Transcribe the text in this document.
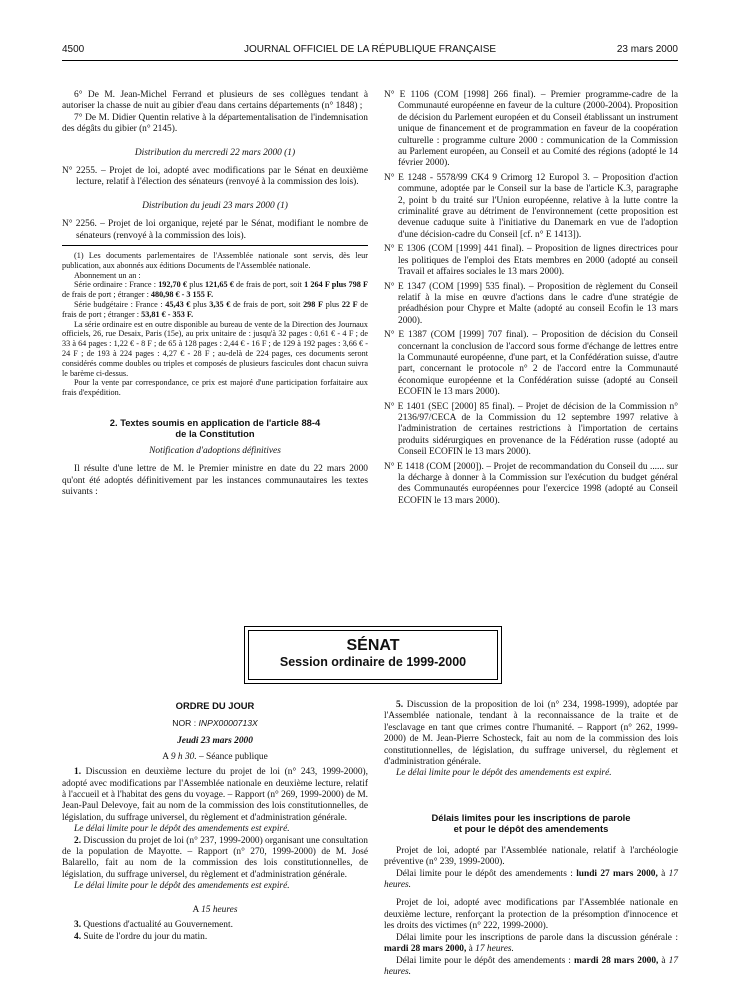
4500	JOURNAL OFFICIEL DE LA RÉPUBLIQUE FRANÇAISE	23 mars 2000

6° De M. Jean-Michel Ferrand et plusieurs de ses collègues tendant à autoriser la chasse de nuit au gibier d'eau dans certains départements (n° 1848) ;

7° De M. Didier Quentin relative à la départementalisation de l'indemnisation des dégâts du gibier (n° 2145).

Distribution du mercredi 22 mars 2000 (1)

N° 2255. – Projet de loi, adopté avec modifications par le Sénat en deuxième lecture, relatif à l'élection des sénateurs (renvoyé à la commission des lois).

Distribution du jeudi 23 mars 2000 (1)

N° 2256. – Projet de loi organique, rejeté par le Sénat, modifiant le nombre de sénateurs (renvoyé à la commission des lois).

(1) Les documents parlementaires de l'Assemblée nationale sont servis, dès leur publication, aux abonnés aux éditions Documents de l'Assemblée nationale.

Abonnement un an :

Série ordinaire : France : 192,70 € plus 121,65 € de frais de port, soit 1 264 F plus 798 F de frais de port ; étranger : 480,98 € - 3 155 F.

Série budgétaire : France : 45,43 € plus 3,35 € de frais de port, soit 298 F plus 22 F de frais de port ; étranger : 53,81 € - 353 F.

La série ordinaire est en outre disponible au bureau de vente de la Direction des Journaux officiels, 26, rue Desaix, Paris (15e), au prix unitaire de : jusqu'à 32 pages : 0,61 € - 4 F ; de 33 à 64 pages : 1,22 € - 8 F ; de 65 à 128 pages : 2,44 € - 16 F ; de 129 à 192 pages : 3,66 € - 24 F ; de 193 à 224 pages : 4,27 € - 28 F ; au-delà de 224 pages, ces documents seront considérés comme doubles ou triples et composés de plusieurs fascicules dont chacun suivra le barème ci-dessus.

Pour la vente par correspondance, ce prix est majoré d'une participation forfaitaire aux frais d'expédition.

2. Textes soumis en application de l'article 88-4
de la Constitution

Notification d'adoptions définitives

Il résulte d'une lettre de M. le Premier ministre en date du 22 mars 2000 qu'ont été adoptés définitivement par les instances communautaires les textes suivants :

N° E 1106 (COM [1998] 266 final). – Premier programme-cadre de la Communauté européenne en faveur de la culture (2000-2004). Proposition de décision du Parlement européen et du Conseil établissant un instrument unique de financement et de programmation en faveur de la coopération culturelle : programme culture 2000 : communication de la Commission au Parlement européen, au Conseil et au Comité des régions (adopté le 14 février 2000).

N° E 1248 - 5578/99 CK4 9 Crimorg 12 Europol 3. – Proposition d'action commune, adoptée par le Conseil sur la base de l'article K.3, paragraphe 2, point b du traité sur l'Union européenne, relative à la lutte contre la criminalité grave au détriment de l'environnement (cette proposition est devenue caduque suite à l'initiative du Danemark en vue de l'adoption d'une décision-cadre du Conseil [cf. n° E 1413]).

N° E 1306 (COM [1999] 441 final). – Proposition de lignes directrices pour les politiques de l'emploi des Etats membres en 2000 (adopté au conseil Travail et affaires sociales le 13 mars 2000).

N° E 1347 (COM [1999] 535 final). – Proposition de règlement du Conseil relatif à la mise en œuvre d'actions dans le cadre d'une stratégie de préadhésion pour Chypre et Malte (adopté au conseil Ecofin le 13 mars 2000).

N° E 1387 (COM [1999] 707 final). – Proposition de décision du Conseil concernant la conclusion de l'accord sous forme d'échange de lettres entre la Communauté européenne, d'une part, et la Confédération suisse, d'autre part, concernant le protocole n° 2 de l'accord entre la Communauté économique européenne et la Confédération suisse (adopté au Conseil ECOFIN le 13 mars 2000).

N° E 1401 (SEC [2000] 85 final). – Projet de décision de la Commission n° 2136/97/CECA de la Commission du 12 septembre 1997 relative à l'administration de certaines restrictions à l'importation de certains produits sidérurgiques en provenance de la Fédération russe (adopté au Conseil ECOFIN le 13 mars 2000).

N° E 1418 (COM [2000]). – Projet de recommandation du Conseil du ...... sur la décharge à donner à la Commission sur l'exécution du budget général des Communautés européennes pour l'exercice 1998 (adopté au Conseil ECOFIN le 13 mars 2000).

SÉNAT
Session ordinaire de 1999-2000

ORDRE DU JOUR

NOR : INPX0000713X

Jeudi 23 mars 2000

A 9 h 30. – Séance publique

1. Discussion en deuxième lecture du projet de loi (n° 243, 1999-2000), adopté avec modifications par l'Assemblée nationale en deuxième lecture, relatif à l'accueil et à l'habitat des gens du voyage. – Rapport (n° 269, 1999-2000) de M. Jean-Paul Delevoye, fait au nom de la commission des lois constitutionnelles, de législation, du suffrage universel, du règlement et d'administration générale.

Le délai limite pour le dépôt des amendements est expiré.

2. Discussion du projet de loi (n° 237, 1999-2000) organisant une consultation de la population de Mayotte. – Rapport (n° 270, 1999-2000) de M. José Balarello, fait au nom de la commission des lois constitutionnelles, de législation, du suffrage universel, du règlement et d'administration générale.

Le délai limite pour le dépôt des amendements est expiré.

A 15 heures

3. Questions d'actualité au Gouvernement.

4. Suite de l'ordre du jour du matin.

5. Discussion de la proposition de loi (n° 234, 1998-1999), adoptée par l'Assemblée nationale, tendant à la reconnaissance de la traite et de l'esclavage en tant que crimes contre l'humanité. – Rapport (n° 262, 1999-2000) de M. Jean-Pierre Schosteck, fait au nom de la commission des lois constitutionnelles, de législation, du suffrage universel, du règlement et d'administration générale.

Le délai limite pour le dépôt des amendements est expiré.

Délais limites pour les inscriptions de parole
et pour le dépôt des amendements

Projet de loi, adopté par l'Assemblée nationale, relatif à l'archéologie préventive (n° 239, 1999-2000).

Délai limite pour le dépôt des amendements : lundi 27 mars 2000, à 17 heures.

Projet de loi, adopté avec modifications par l'Assemblée nationale en deuxième lecture, renforçant la protection de la présomption d'innocence et les droits des victimes (n° 222, 1999-2000).

Délai limite pour les inscriptions de parole dans la discussion générale : mardi 28 mars 2000, à 17 heures.

Délai limite pour le dépôt des amendements : mardi 28 mars 2000, à 17 heures.
